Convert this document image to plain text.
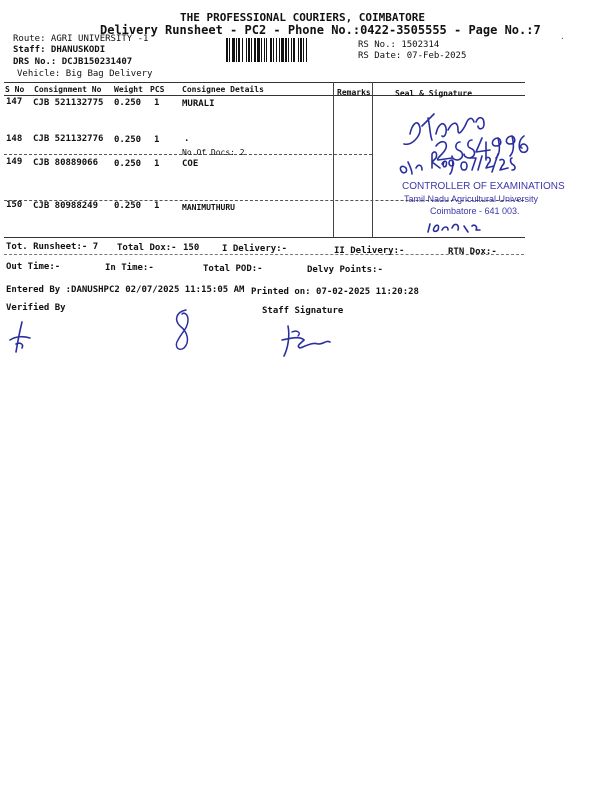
THE PROFESSIONAL COURIERS, COIMBATORE
Delivery Runsheet - PC2 - Phone No.:0422-3505555 - Page No.:7
Route: AGRI UNIVERSITY -1
Staff: DHANUSKODI
DRS No.: DCJB150231407
Vehicle: Big Bag Delivery
RS No.: 1502314
RS Date: 07-Feb-2025
·
S No Consignment No Weight PCS Consignee Details	Remarks	Seal & Signature
147 CJB 521132775 0.250 1	MURALI
148 CJB 521132776 0.250 1	.
No.Of Docs: 2
149 CJB 80889066 0.250 1	COE
150 CJB 80988249 0.250 1	MANIMUTHURU
CONTROLLER OF EXAMINATIONS
Tamil Nadu Agricultural University
Coimbatore - 641 003.
Tot. Runsheet:- 7 Total Dox:- 150	I Delivery:-	II Delivery:-	RTN Dox:-
Out Time:-	In Time:-	Total POD:-	Delvy Points:-
Entered By :DANUSHPC2 02/07/2025 11:15:05 AM Printed on: 07-02-2025 11:20:28
Verified By	Staff Signature
